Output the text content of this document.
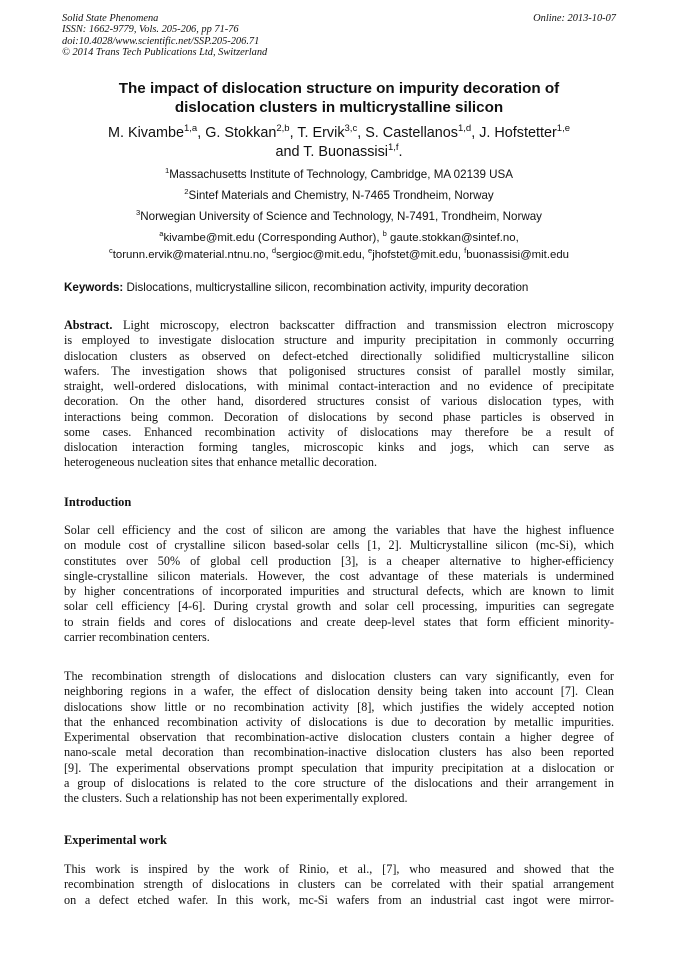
Solid State Phenomena
ISSN: 1662-9779, Vols. 205-206, pp 71-76
doi:10.4028/www.scientific.net/SSP.205-206.71
© 2014 Trans Tech Publications Ltd, Switzerland
Online: 2013-10-07
The impact of dislocation structure on impurity decoration of
dislocation clusters in multicrystalline silicon
M. Kivambe$^{1,a}$, G. Stokkan$^{2,b}$, T. Ervik$^{3,c}$, S. Castellanos$^{1,d}$, J. Hofstetter$^{1,e}$
and T. Buonassisi$^{1,f}$.
$^1$Massachusetts Institute of Technology, Cambridge, MA 02139 USA
$^2$Sintef Materials and Chemistry, N-7465 Trondheim, Norway
$^3$Norwegian University of Science and Technology, N-7491, Trondheim, Norway
$^a$kivambe@mit.edu (Corresponding Author), $^b$ gaute.stokkan@sintef.no,
$^c$torunn.ervik@material.ntnu.no, $^d$sergioc@mit.edu, $^e$jhofstet@mit.edu, $^f$buonassisi@mit.edu
Keywords: Dislocations, multicrystalline silicon, recombination activity, impurity decoration
Abstract. Light microscopy, electron backscatter diffraction and transmission electron microscopy
is employed to investigate dislocation structure and impurity precipitation in commonly occurring
dislocation clusters as observed on defect-etched directionally solidified multicrystalline silicon
wafers. The investigation shows that poligonised structures consist of parallel mostly similar,
straight, well-ordered dislocations, with minimal contact-interaction and no evidence of precipitate
decoration. On the other hand, disordered structures consist of various dislocation types, with
interactions being common. Decoration of dislocations by second phase particles is observed in
some cases. Enhanced recombination activity of dislocations may therefore be a result of
dislocation interaction forming tangles, microscopic kinks and jogs, which can serve as
heterogeneous nucleation sites that enhance metallic decoration.
Introduction
Solar cell efficiency and the cost of silicon are among the variables that have the highest influence
on module cost of crystalline silicon based-solar cells [1, 2]. Multicrystalline silicon (mc-Si), which
constitutes over 50% of global cell production [3], is a cheaper alternative to higher-efficiency
single-crystalline silicon materials. However, the cost advantage of these materials is undermined
by higher concentrations of incorporated impurities and structural defects, which are known to limit
solar cell efficiency [4-6]. During crystal growth and solar cell processing, impurities can segregate
to strain fields and cores of dislocations and create deep-level states that form efficient minority-
carrier recombination centers.
The recombination strength of dislocations and dislocation clusters can vary significantly, even for
neighboring regions in a wafer, the effect of dislocation density being taken into account [7]. Clean
dislocations show little or no recombination activity [8], which justifies the widely accepted notion
that the enhanced recombination activity of dislocations is due to decoration by metallic impurities.
Experimental observation that recombination-active dislocation clusters contain a higher degree of
nano-scale metal decoration than recombination-inactive dislocation clusters has also been reported
[9]. The experimental observations prompt speculation that impurity precipitation at a dislocation or
a group of dislocations is related to the core structure of the dislocations and their arrangement in
the clusters. Such a relationship has not been experimentally explored.
Experimental work
This work is inspired by the work of Rinio, et al., [7], who measured and showed that the
recombination strength of dislocations in clusters can be correlated with their spatial arrangement
on a defect etched wafer. In this work, mc-Si wafers from an industrial cast ingot were mirror-
